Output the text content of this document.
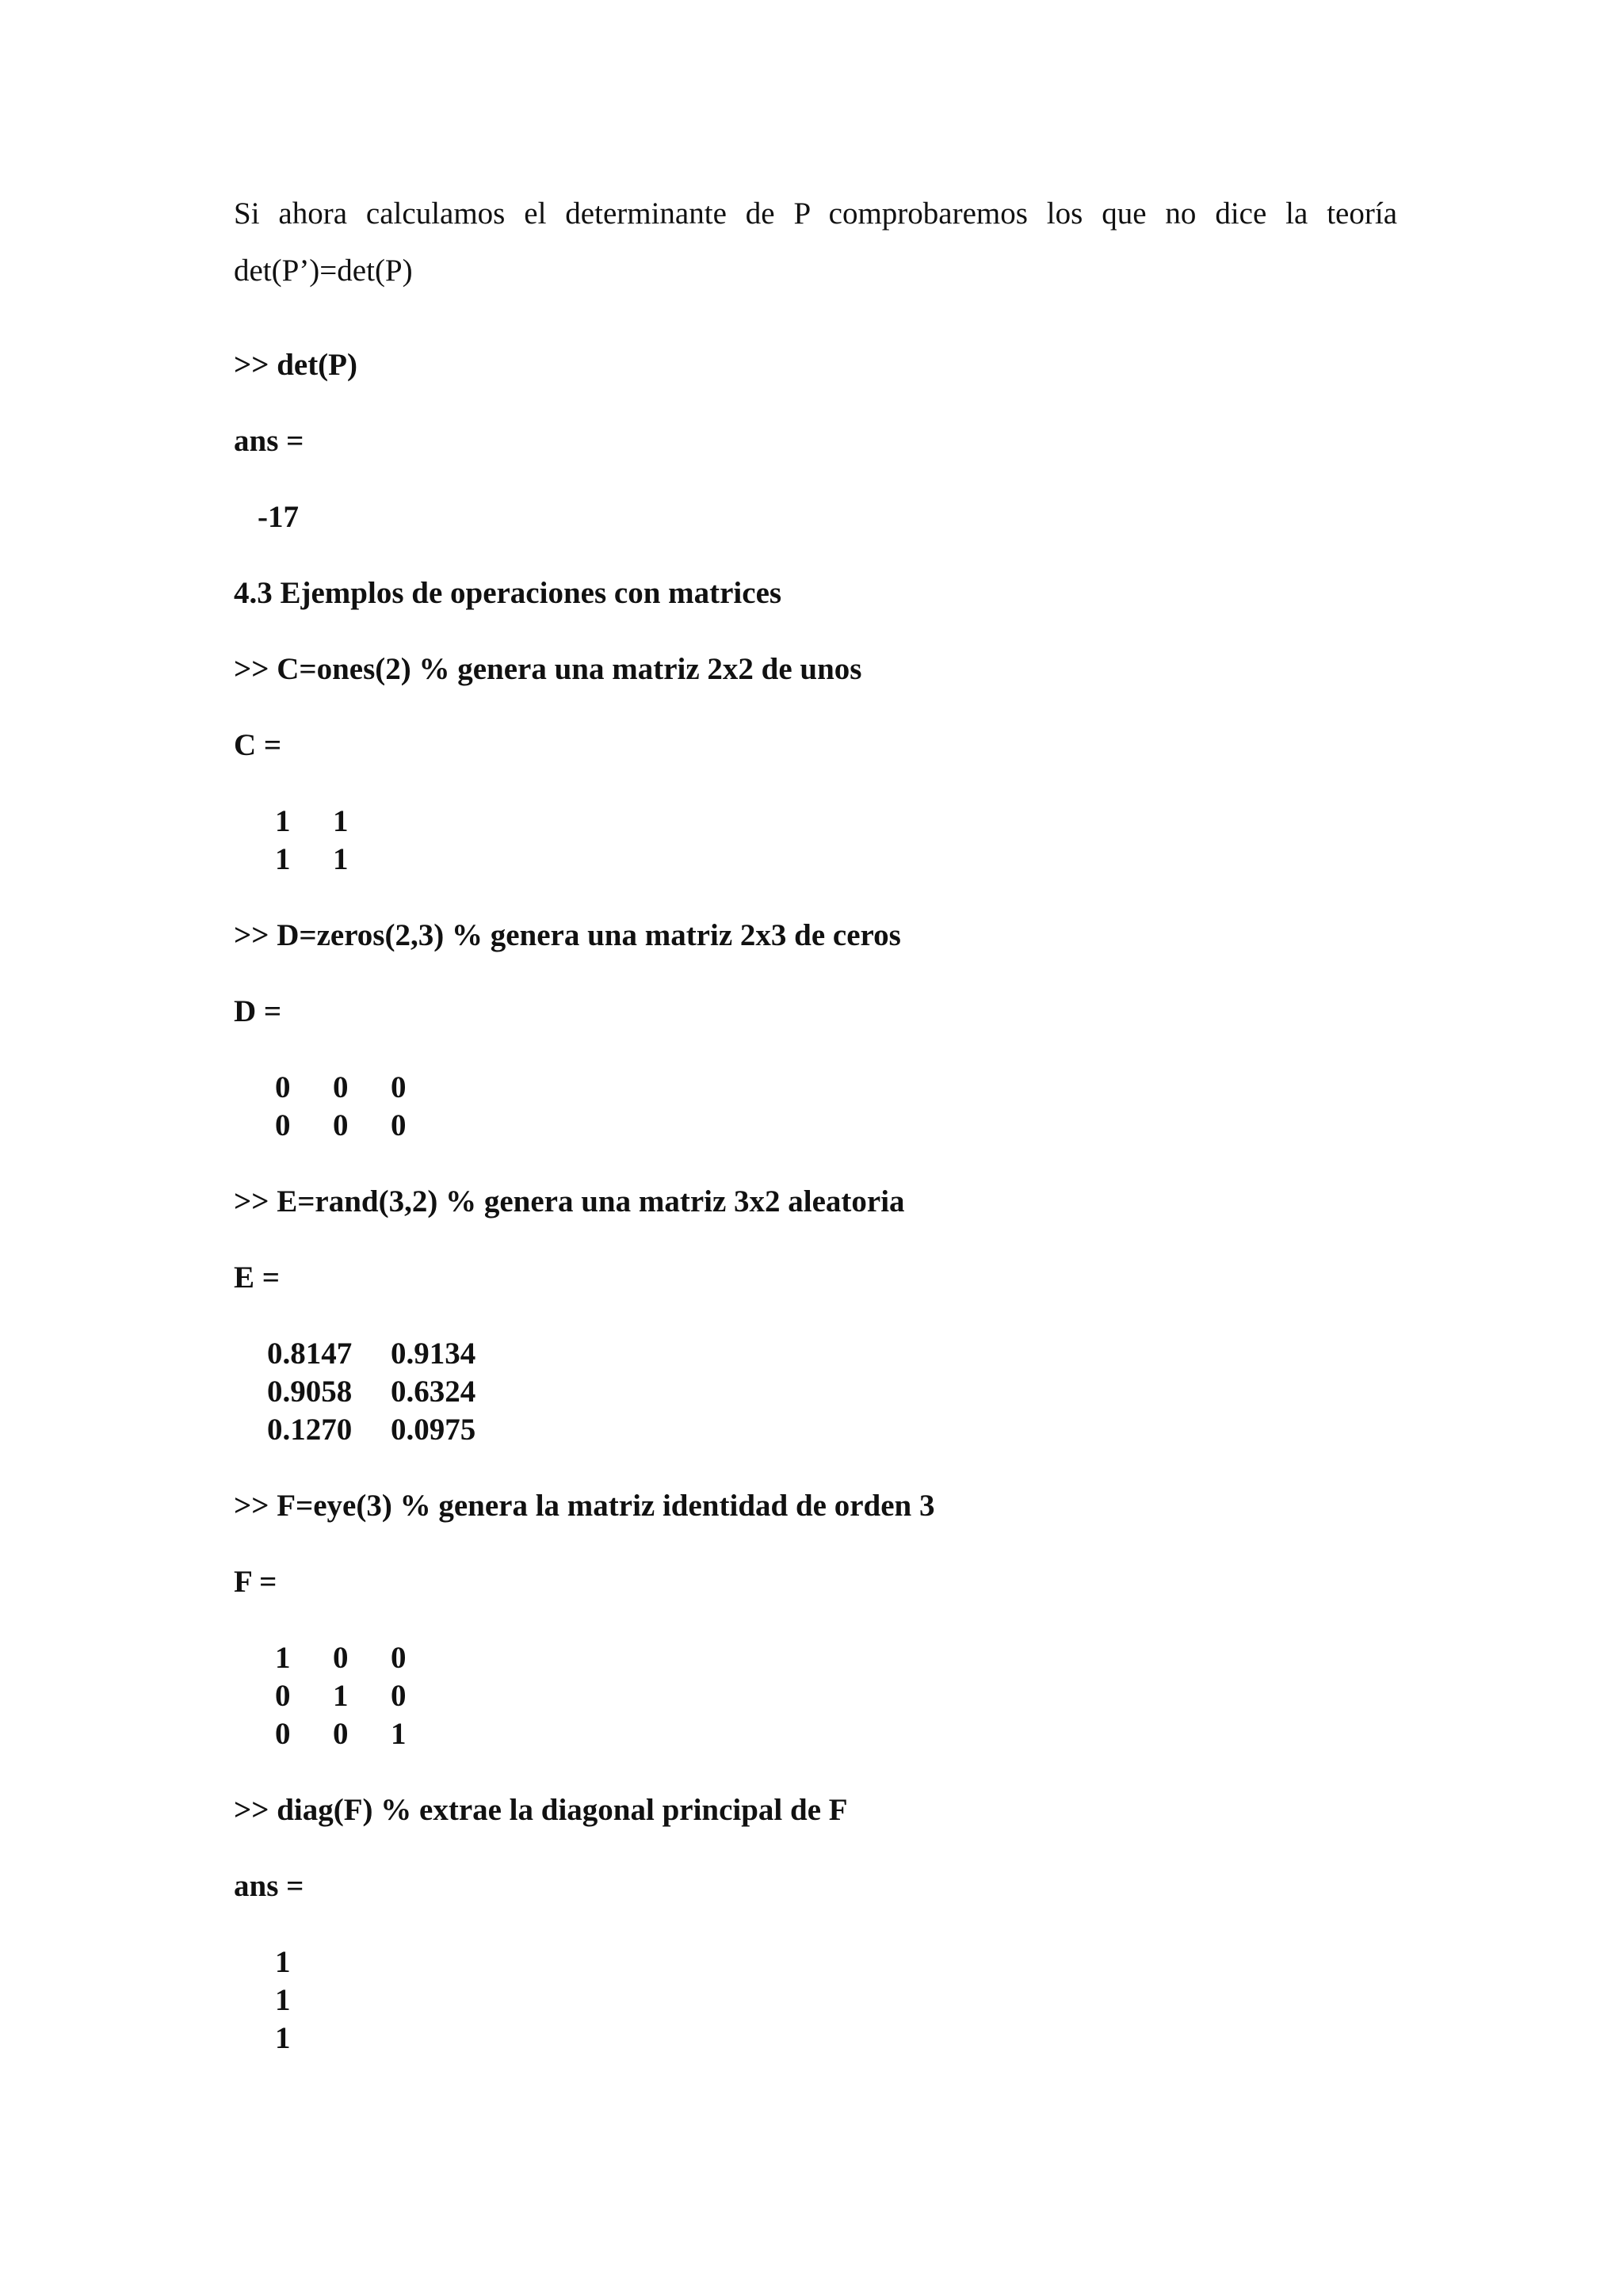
Si ahora calculamos el determinante de P comprobaremos los que no dice la teoría
det(P’)=det(P)
>> det(P)
ans =
-17
4.3 Ejemplos de operaciones con matrices
>> C=ones(2) % genera una matriz 2x2 de unos
C =
1 1
1 1
>> D=zeros(2,3) % genera una matriz 2x3 de ceros
D =
0 0 0
0 0 0
>> E=rand(3,2) % genera una matriz 3x2 aleatoria
E =
0.8147 0.9134
0.9058 0.6324
0.1270 0.0975
>> F=eye(3) % genera la matriz identidad de orden 3
F =
1 0 0
0 1 0
0 0 1
>> diag(F) % extrae la diagonal principal de F
ans =
1
1
1
